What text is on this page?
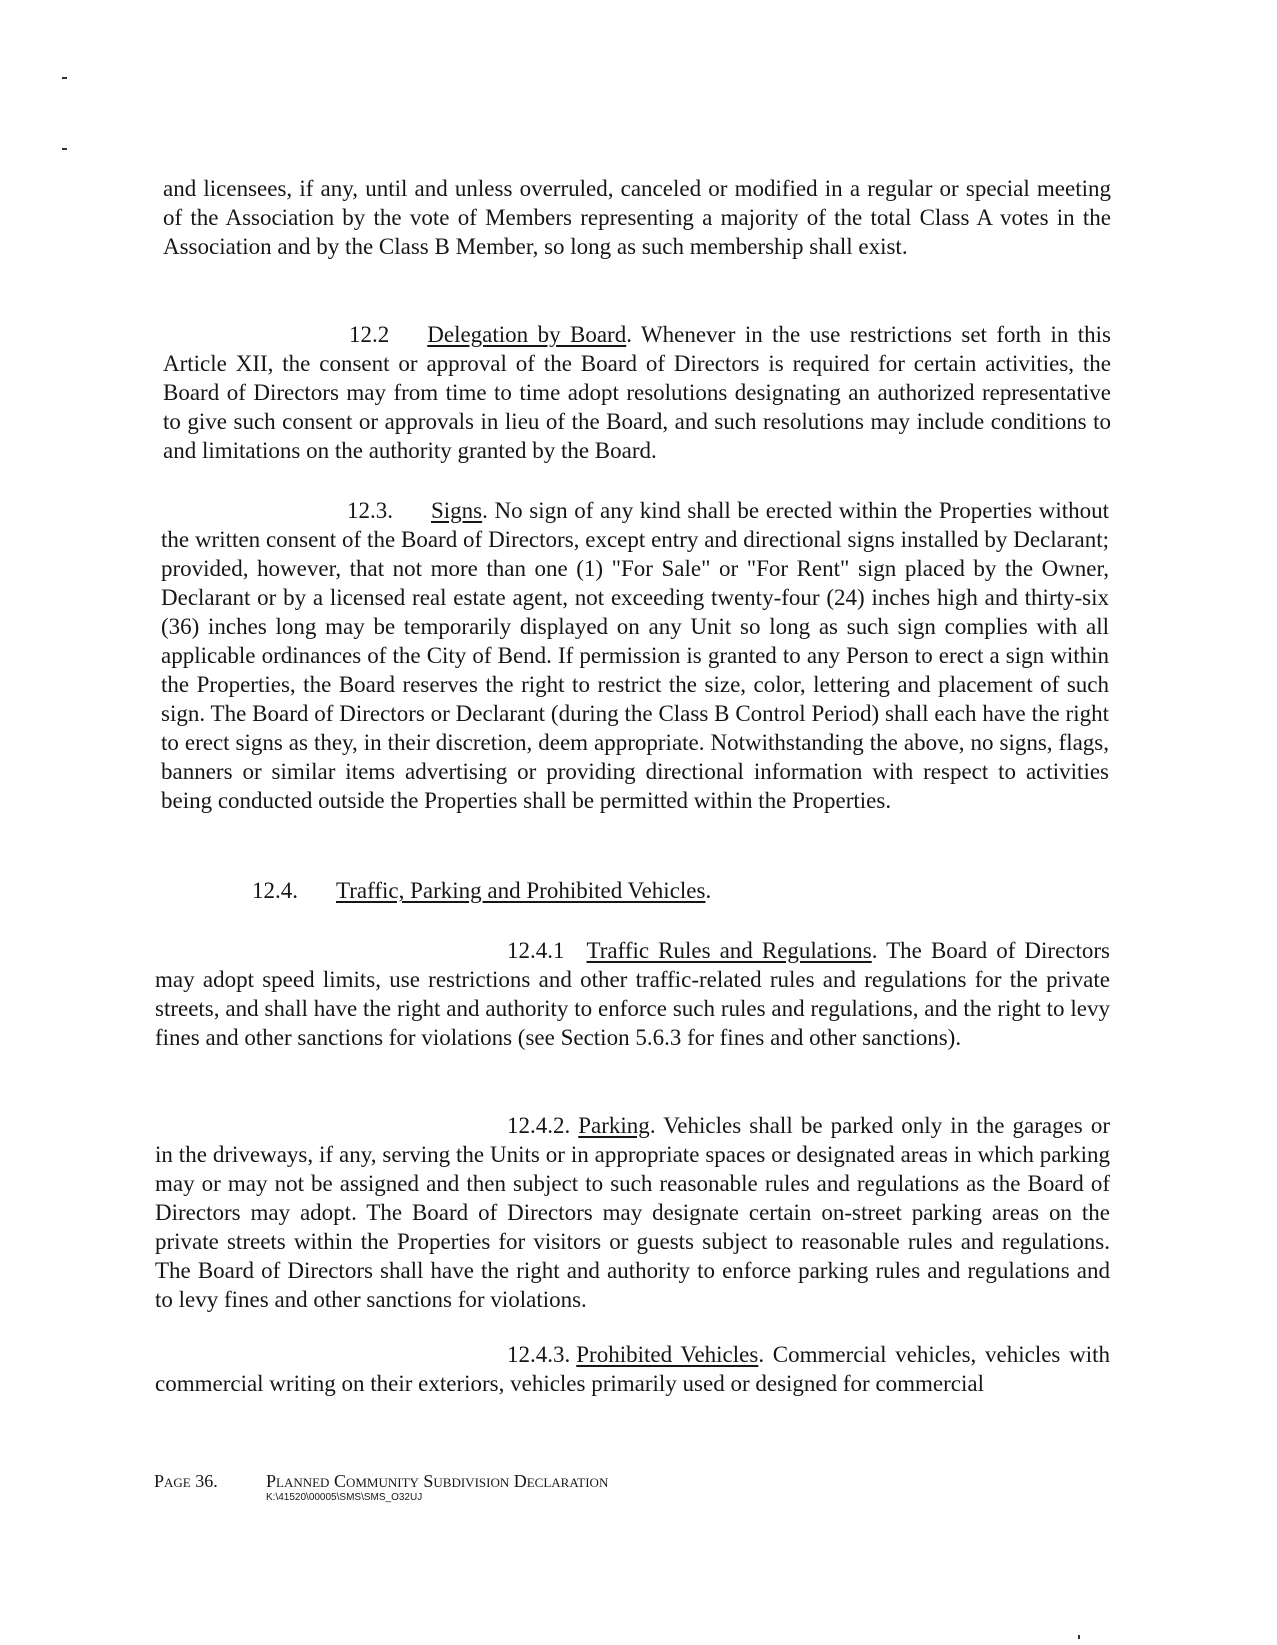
and licensees, if any, until and unless overruled, canceled or modified in a regular or special meeting of the Association by the vote of Members representing a majority of the total Class A votes in the Association and by the Class B Member, so long as such membership shall exist.

12.2 Delegation by Board. Whenever in the use restrictions set forth in this Article XII, the consent or approval of the Board of Directors is required for certain activities, the Board of Directors may from time to time adopt resolutions designating an authorized representative to give such consent or approvals in lieu of the Board, and such resolutions may include conditions to and limitations on the authority granted by the Board.

12.3. Signs. No sign of any kind shall be erected within the Properties without the written consent of the Board of Directors, except entry and directional signs installed by Declarant; provided, however, that not more than one (1) "For Sale" or "For Rent" sign placed by the Owner, Declarant or by a licensed real estate agent, not exceeding twenty-four (24) inches high and thirty-six (36) inches long may be temporarily displayed on any Unit so long as such sign complies with all applicable ordinances of the City of Bend. If permission is granted to any Person to erect a sign within the Properties, the Board reserves the right to restrict the size, color, lettering and placement of such sign. The Board of Directors or Declarant (during the Class B Control Period) shall each have the right to erect signs as they, in their discretion, deem appropriate. Notwithstanding the above, no signs, flags, banners or similar items advertising or providing directional information with respect to activities being conducted outside the Properties shall be permitted within the Properties.

12.4. Traffic, Parking and Prohibited Vehicles.

12.4.1 Traffic Rules and Regulations. The Board of Directors may adopt speed limits, use restrictions and other traffic-related rules and regulations for the private streets, and shall have the right and authority to enforce such rules and regulations, and the right to levy fines and other sanctions for violations (see Section 5.6.3 for fines and other sanctions).

12.4.2. Parking. Vehicles shall be parked only in the garages or in the driveways, if any, serving the Units or in appropriate spaces or designated areas in which parking may or may not be assigned and then subject to such reasonable rules and regulations as the Board of Directors may adopt. The Board of Directors may designate certain on-street parking areas on the private streets within the Properties for visitors or guests subject to reasonable rules and regulations. The Board of Directors shall have the right and authority to enforce parking rules and regulations and to levy fines and other sanctions for violations.

12.4.3. Prohibited Vehicles. Commercial vehicles, vehicles with commercial writing on their exteriors, vehicles primarily used or designed for commercial

Page 36.	Planned Community Subdivision Declaration
K:\41520\00005\SMS\SMS_O32UJ
